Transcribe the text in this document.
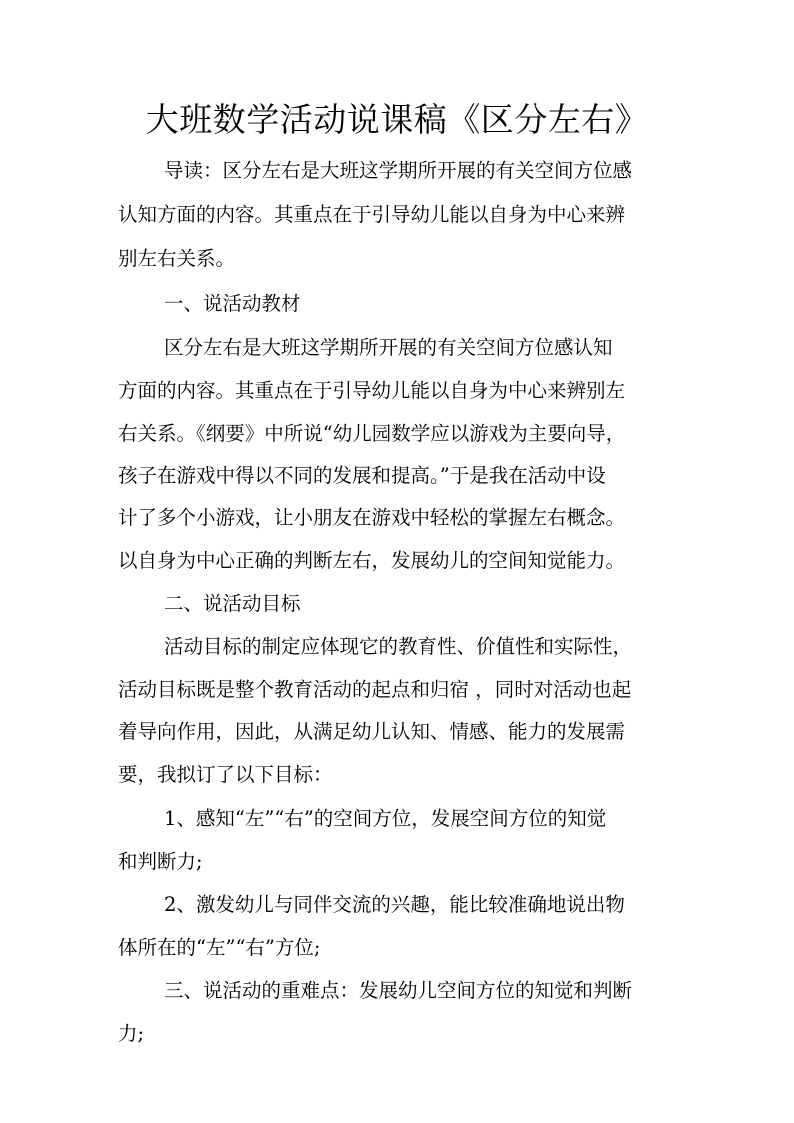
大班数学活动说课稿《区分左右》
导读：区分左右是大班这学期所开展的有关空间方位感
认知方面的内容。其重点在于引导幼儿能以自身为中心来辨
别左右关系。
一、说活动教材
区分左右是大班这学期所开展的有关空间方位感认知
方面的内容。其重点在于引导幼儿能以自身为中心来辨别左
右关系。《纲要》中所说“幼儿园数学应以游戏为主要向导，
孩子在游戏中得以不同的发展和提高。”于是我在活动中设
计了多个小游戏，让小朋友在游戏中轻松的掌握左右概念。
以自身为中心正确的判断左右，发展幼儿的空间知觉能力。
二、说活动目标
活动目标的制定应体现它的教育性、价值性和实际性，
活动目标既是整个教育活动的起点和归宿 ，同时对活动也起
着导向作用，因此，从满足幼儿认知、情感、能力的发展需
要，我拟订了以下目标：
1、感知“左”“右”的空间方位，发展空间方位的知觉
和判断力;
2、激发幼儿与同伴交流的兴趣，能比较准确地说出物
体所在的“左”“右”方位;
三、说活动的重难点：发展幼儿空间方位的知觉和判断
力;
